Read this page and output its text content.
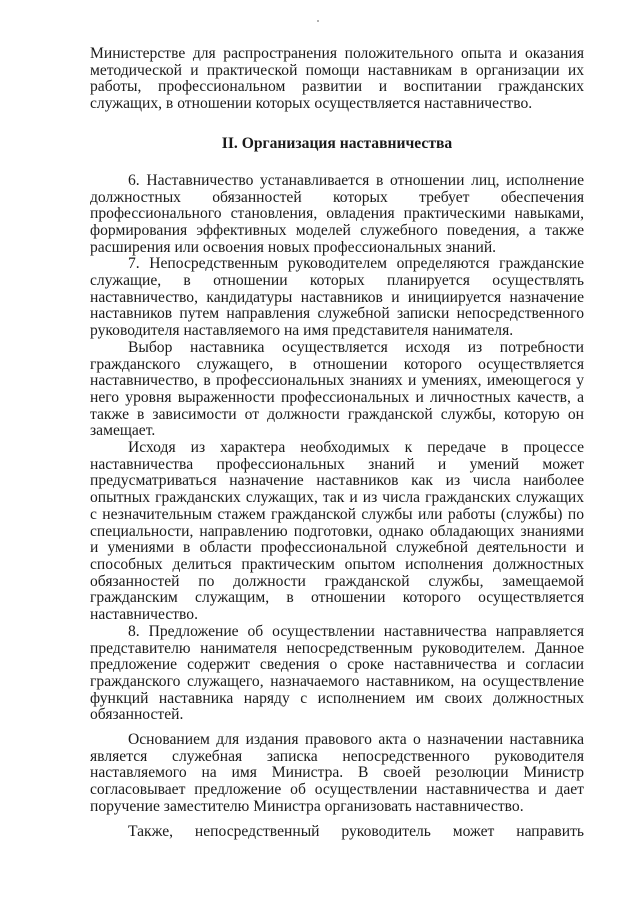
Министерстве для распространения положительного опыта и оказания методической и практической помощи наставникам в организации их работы, профессиональном развитии и воспитании гражданских служащих, в отношении которых осуществляется наставничество.

II. Организация наставничества

6. Наставничество устанавливается в отношении лиц, исполнение должностных обязанностей которых требует обеспечения профессионального становления, овладения практическими навыками, формирования эффективных моделей служебного поведения, а также расширения или освоения новых профессиональных знаний.

7. Непосредственным руководителем определяются гражданские служащие, в отношении которых планируется осуществлять наставничество, кандидатуры наставников и инициируется назначение наставников путем направления служебной записки непосредственного руководителя наставляемого на имя представителя нанимателя.

Выбор наставника осуществляется исходя из потребности гражданского служащего, в отношении которого осуществляется наставничество, в профессиональных знаниях и умениях, имеющегося у него уровня выраженности профессиональных и личностных качеств, а также в зависимости от должности гражданской службы, которую он замещает.

Исходя из характера необходимых к передаче в процессе наставничества профессиональных знаний и умений может предусматриваться назначение наставников как из числа наиболее опытных гражданских служащих, так и из числа гражданских служащих с незначительным стажем гражданской службы или работы (службы) по специальности, направлению подготовки, однако обладающих знаниями и умениями в области профессиональной служебной деятельности и способных делиться практическим опытом исполнения должностных обязанностей по должности гражданской службы, замещаемой гражданским служащим, в отношении которого осуществляется наставничество.

8. Предложение об осуществлении наставничества направляется представителю нанимателя непосредственным руководителем. Данное предложение содержит сведения о сроке наставничества и согласии гражданского служащего, назначаемого наставником, на осуществление функций наставника наряду с исполнением им своих должностных обязанностей.

Основанием для издания правового акта о назначении наставника является служебная записка непосредственного руководителя наставляемого на имя Министра. В своей резолюции Министр согласовывает предложение об осуществлении наставничества и дает поручение заместителю Министра организовать наставничество.

Также, непосредственный руководитель может направить
